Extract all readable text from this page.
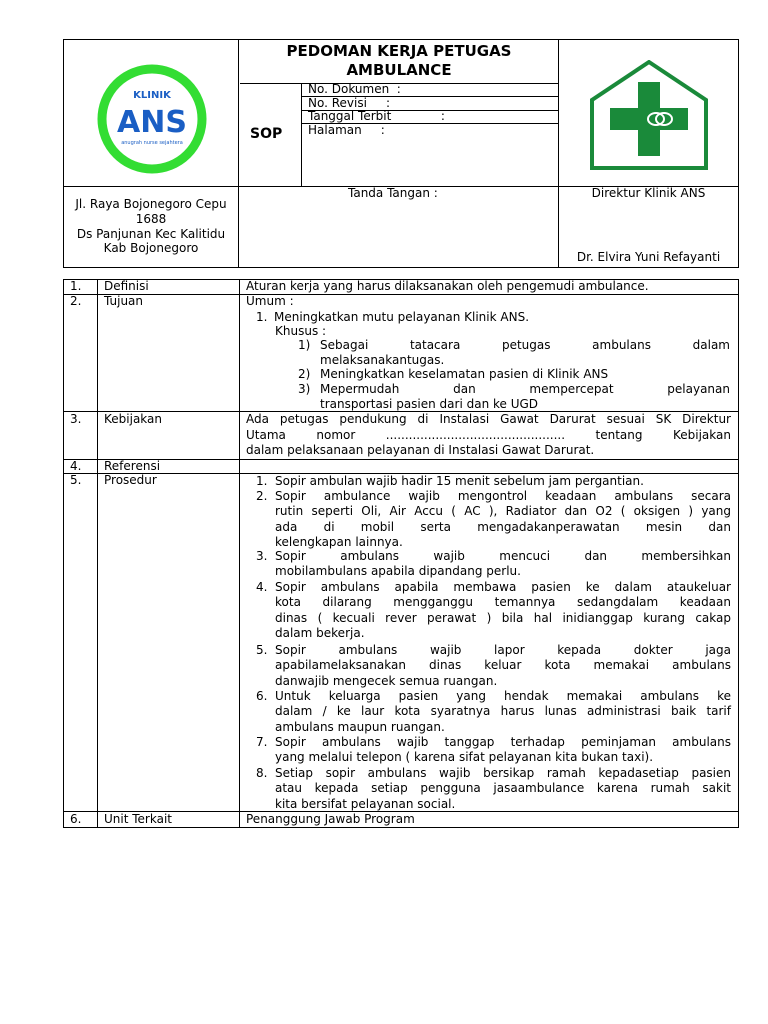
KLINIK
ANS
anugrah nurse sejahtera
PEDOMAN KERJA PETUGAS
AMBULANCE
SOP
No. Dokumen  :
No. Revisi     :
Tanggal Terbit             :
Halaman     :
Jl. Raya Bojonegoro Cepu
1688
Ds Panjunan Kec Kalitidu
Kab Bojonegoro
Tanda Tangan :	Direktur Klinik ANS
Dr. Elvira Yuni Refayanti
1. Definisi	Aturan kerja yang harus dilaksanakan oleh pengemudi ambulance.
2. Tujuan	Umum :
1. Meningkatkan mutu pelayanan Klinik ANS.
Khusus :
1) Sebagai tatacara petugas ambulans dalam
melaksanakantugas.
2) Meningkatkan keselamatan pasien di Klinik ANS
3) Mepermudah dan mempercepat pelayanan
transportasi pasien dari dan ke UGD
3. Kebijakan	Ada petugas pendukung di Instalasi Gawat Darurat sesuai SK Direktur
Utama nomor ............................................... tentang Kebijakan
dalam pelaksanaan pelayanan di Instalasi Gawat Darurat.
4. Referensi
5. Prosedur	1. Sopir ambulan wajib hadir 15 menit sebelum jam pergantian.
2. Sopir ambulance wajib mengontrol keadaan ambulans secara
rutin seperti Oli, Air Accu ( AC ), Radiator dan O2 ( oksigen ) yang
ada di mobil serta mengadakanperawatan mesin dan
kelengkapan lainnya.
3. Sopir ambulans wajib mencuci dan membersihkan
mobilambulans apabila dipandang perlu.
4. Sopir ambulans apabila membawa pasien ke dalam ataukeluar
kota dilarang mengganggu temannya sedangdalam keadaan
dinas ( kecuali rever perawat ) bila hal inidianggap kurang cakap
dalam bekerja.
5. Sopir ambulans wajib lapor kepada dokter jaga
apabilamelaksanakan dinas keluar kota memakai ambulans
danwajib mengecek semua ruangan.
6. Untuk keluarga pasien yang hendak memakai ambulans ke
dalam / ke laur kota syaratnya harus lunas administrasi baik tarif
ambulans maupun ruangan.
7. Sopir ambulans wajib tanggap terhadap peminjaman ambulans
yang melalui telepon ( karena sifat pelayanan kita bukan taxi).
8. Setiap sopir ambulans wajib bersikap ramah kepadasetiap pasien
atau kepada setiap pengguna jasaambulance karena rumah sakit
kita bersifat pelayanan social.
6. Unit Terkait	Penanggung Jawab Program
